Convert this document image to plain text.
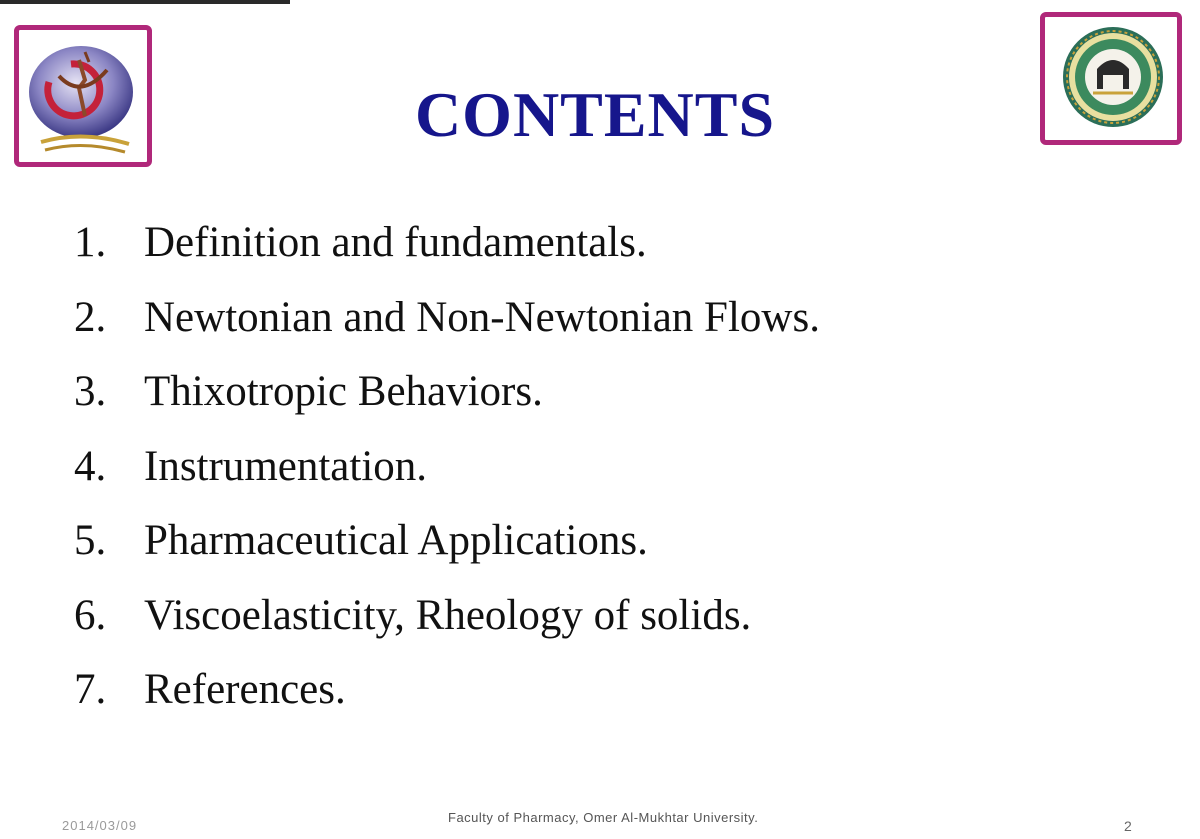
CONTENTS
1. Definition and fundamentals.
2. Newtonian and Non-Newtonian Flows.
3. Thixotropic Behaviors.
4. Instrumentation.
5. Pharmaceutical Applications.
6. Viscoelasticity, Rheology of solids.
7. References.
2014/03/09
Faculty of Pharmacy, Omer Al-Mukhtar University.
2
